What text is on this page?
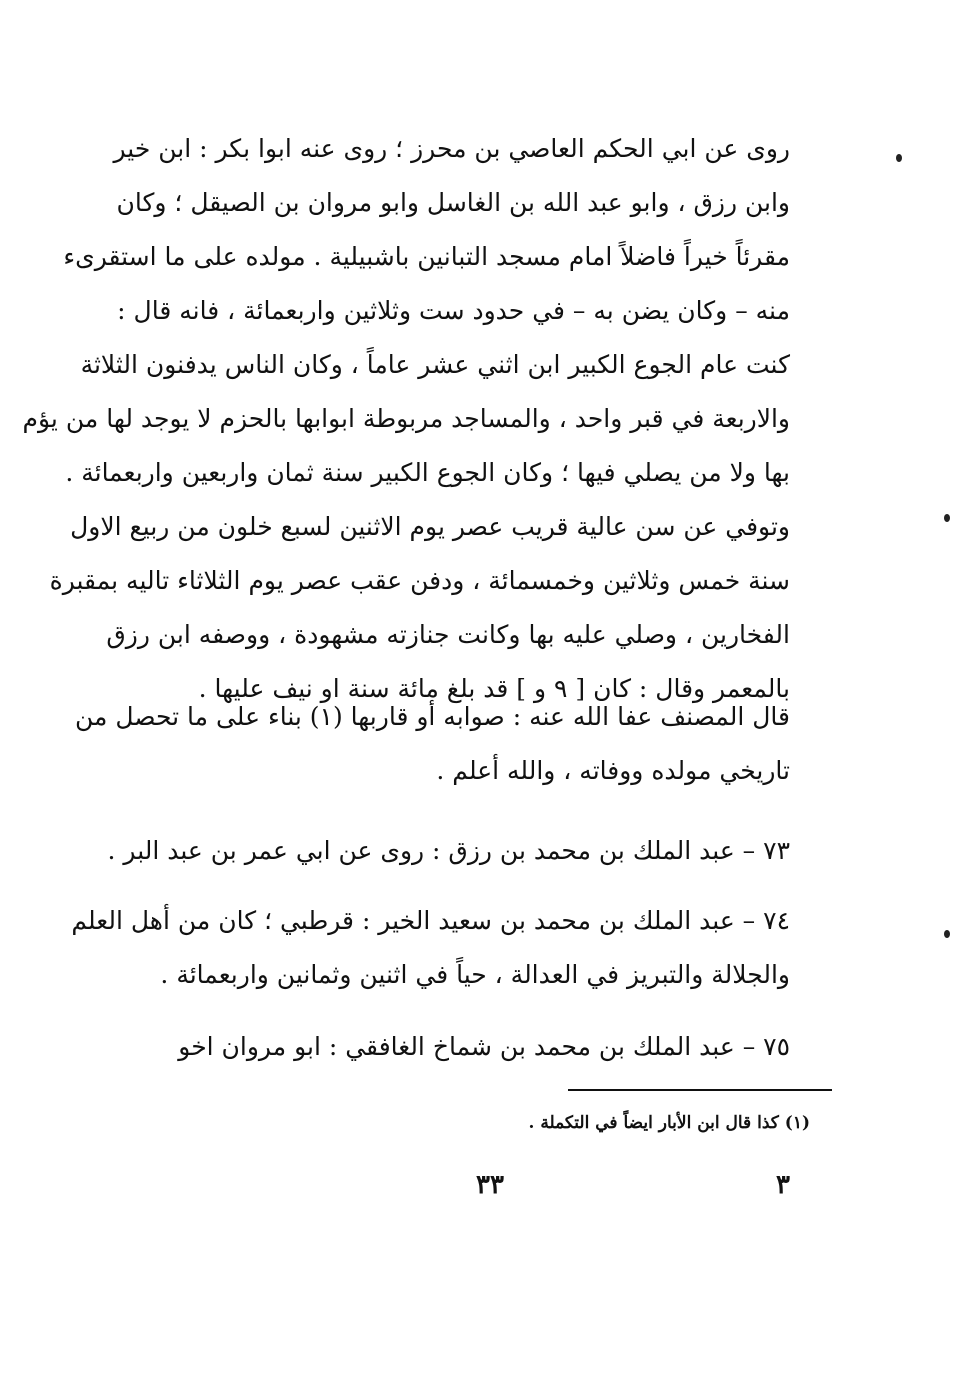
روى عن ابي الحكم العاصي بن محرز ؛ روى عنه ابوا بكر : ابن خير
وابن رزق ، وابو عبد الله بن الغاسل وابو مروان بن الصيقل ؛ وكان
مقرئاً خيراً فاضلاً امام مسجد التبانين باشبيلية . مولده على ما استقرىء
منه – وكان يضن به – في حدود ست وثلاثين واربعمائة ، فانه قال :
كنت عام الجوع الكبير ابن اثني عشر عاماً ، وكان الناس يدفنون الثلاثة
والاربعة في قبر واحد ، والمساجد مربوطة ابوابها بالحزم لا يوجد لها من يؤم
بها ولا من يصلي فيها ؛ وكان الجوع الكبير سنة ثمان واربعين واربعمائة .
وتوفي عن سن عالية قريب عصر يوم الاثنين لسبع خلون من ربيع الاول
سنة خمس وثلاثين وخمسمائة ، ودفن عقب عصر يوم الثلاثاء تاليه بمقبرة
الفخارين ، وصلي عليه بها وكانت جنازته مشهودة ، ووصفه ابن رزق
بالمعمر وقال : كان [ ٩ و ] قد بلغ مائة سنة او نيف عليها .
قال المصنف عفا الله عنه : صوابه أو قاربها (١) بناء على ما تحصل من
تاريخي مولده ووفاته ، والله أعلم .
٧٣ – عبد الملك بن محمد بن رزق : روى عن ابي عمر بن عبد البر .
٧٤ – عبد الملك بن محمد بن سعيد الخير : قرطبي ؛ كان من أهل العلم
والجلالة والتبريز في العدالة ، حياً في اثنين وثمانين واربعمائة .
٧٥ – عبد الملك بن محمد بن شماخ الغافقي : ابو مروان اخو
(١) كذا قال ابن الأبار ايضاً في التكملة .
٣٣	٣
